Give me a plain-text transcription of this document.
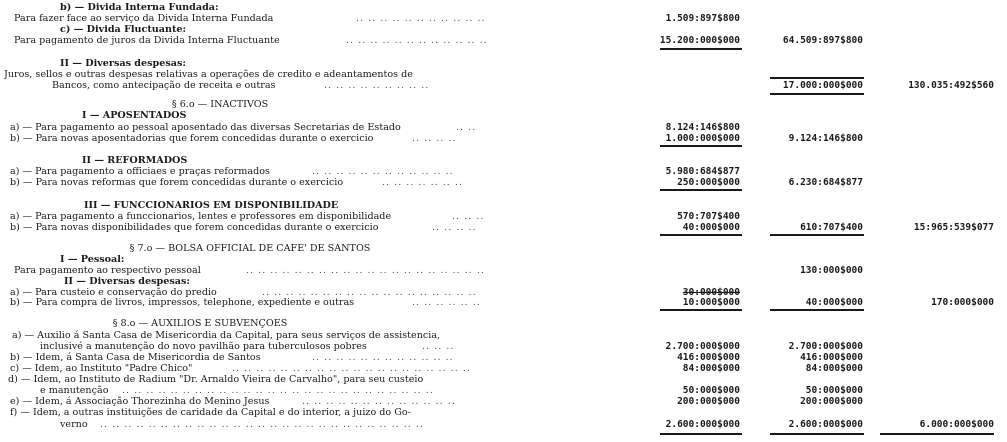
b) — Divida Interna Fundada:
Para fazer face ao serviço da Divida Interna Fundada	.. .. .. .. .. .. .. .. .. .. ..	1.509:897$800
c) — Divida Fluctuante:
Para pagamento de juros da Divida Interna Fluctuante	.. .. .. .. .. .. .. .. .. .. .. ..	15.200:000$000	64.509:897$800
II — Diversas despesas:
Juros, sellos e outras despesas relativas a operações de credito e adeantamentos de
Bancos, como antecipação de receita e outras	.. .. .. .. .. .. .. .. ..	17.000:000$000	130.035:492$560
§ 6.o — INACTIVOS
I — APOSENTADOS
a) — Para pagamento ao pessoal aposentado das diversas Secretarias de Estado	.. ..	8.124:146$800
b) — Para novas aposentadorias que forem concedidas durante o exercicio	.. .. .. ..	1.000:000$000	9.124:146$800
II — REFORMADOS
a) — Para pagamento a officiaes e praças reformados	.. .. .. .. .. .. .. .. .. .. .. ..	5.980:684$877
b) — Para novas reformas que forem concedidas durante o exercicio	.. .. .. .. .. .. ..	250:000$000	6.230:684$877
III — FUNCCIONARIOS EM DISPONIBILIDADE
a) — Para pagamento a funccionarios, lentes e professores em disponibilidade	.. .. ..	570:707$400
b) — Para novas disponibilidades que forem concedidas durante o exercicio	.. .. .. ..	40:000$000	610:707$400	15:965:539$077
§ 7.o — BOLSA OFFICIAL DE CAFE' DE SANTOS
I — Pessoal:
Para pagamento ao respectivo pessoal	.. .. .. .. .. .. .. .. .. .. .. .. .. .. .. .. .. .. .. ..	130:000$000
II — Diversas despesas:
a) — Para custeio e conservação do predio	.. .. .. .. .. .. .. .. .. .. .. .. .. .. .. .. .. ..	30:000$000
b) — Para compra de livros, impressos, telephone, expediente e outras	.. .. .. .. .. ..	10:000$000	40:000$000	170:000$000
§ 8.o — AUXILIOS E SUBVENÇÕES
a) — Auxilio á Santa Casa de Misericordia da Capital, para seus serviços de assistencia,
inclusivé a manutenção do novo pavilhão para tuberculosos pobres	.. .. ..	2.700:000$000	2.700:000$000
b) — Idem, á Santa Casa de Misericordia de Santos	.. .. .. .. .. .. .. .. .. .. .. ..	416:000$000	416:000$000
c) — Idem, ao Instituto "Padre Chico"	.. .. .. .. .. .. .. .. .. .. .. .. .. .. .. .. .. .. .. ..	84:000$000	84:000$000
d) — Idem, ao Instituto de Radium "Dr. Arnaldo Vieira de Carvalho", para seu custeio
e manutenção	.. .. .. .. .. .. .. .. .. .. .. .. .. .. .. .. .. .. .. .. .. .. .. .. .. ..	50:000$000	50:000$000
e) — Idem, á Associação Thorezinha do Menino Jesus	.. .. .. .. .. .. .. .. .. .. .. .. ..	200:000$000	200:000$000
f) — Idem, a outras instituições de caridade da Capital e do interior, a juizo do Go-
verno	.. .. .. .. .. .. .. .. .. .. .. .. .. .. .. .. .. .. .. .. .. .. .. .. .. .. ..	2.600:000$000	2.600:000$000	6.000:000$000
